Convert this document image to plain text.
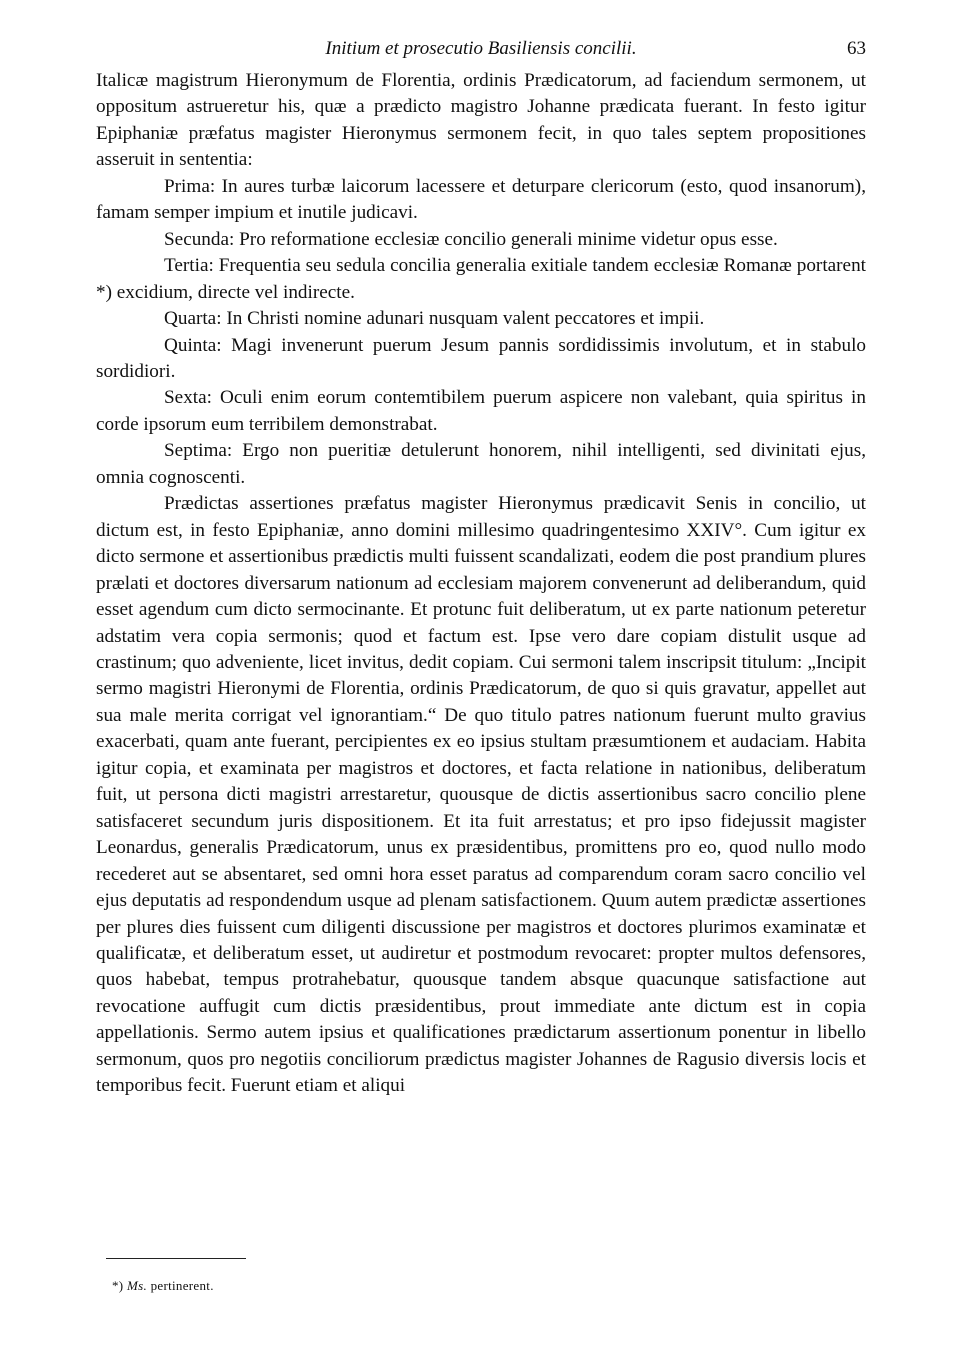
Initium et prosecutio Basiliensis concilii.	63

Italicæ magistrum Hieronymum de Florentia, ordinis Prædicatorum, ad faciendum sermonem, ut oppositum astrueretur his, quæ a prædicto magistro Johanne prædicata fuerant. In festo igitur Epiphaniæ præfatus magister Hieronymus sermonem fecit, in quo tales septem propositiones asseruit in sententia:

Prima: In aures turbæ laicorum lacessere et deturpare clericorum (esto, quod insanorum), famam semper impium et inutile judicavi.

Secunda: Pro reformatione ecclesiæ concilio generali minime videtur opus esse.

Tertia: Frequentia seu sedula concilia generalia exitiale tandem ecclesiæ Romanæ portarent *) excidium, directe vel indirecte.

Quarta: In Christi nomine adunari nusquam valent peccatores et impii.

Quinta: Magi invenerunt puerum Jesum pannis sordidissimis involutum, et in stabulo sordidiori.

Sexta: Oculi enim eorum contemtibilem puerum aspicere non valebant, quia spiritus in corde ipsorum eum terribilem demonstrabat.

Septima: Ergo non pueritiæ detulerunt honorem, nihil intelligenti, sed divinitati ejus, omnia cognoscenti.

Prædictas assertiones præfatus magister Hieronymus prædicavit Senis in concilio, ut dictum est, in festo Epiphaniæ, anno domini millesimo quadringentesimo XXIV°. Cum igitur ex dicto sermone et assertionibus prædictis multi fuissent scandalizati, eodem die post prandium plures prælati et doctores diversarum nationum ad ecclesiam majorem convenerunt ad deliberandum, quid esset agendum cum dicto sermocinante. Et protunc fuit deliberatum, ut ex parte nationum peteretur adstatim vera copia sermonis; quod et factum est. Ipse vero dare copiam distulit usque ad crastinum; quo adveniente, licet invitus, dedit copiam. Cui sermoni talem inscripsit titulum: „Incipit sermo magistri Hieronymi de Florentia, ordinis Prædicatorum, de quo si quis gravatur, appellet aut sua male merita corrigat vel ignorantiam.“ De quo titulo patres nationum fuerunt multo gravius exacerbati, quam ante fuerant, percipientes ex eo ipsius stultam præsumtionem et audaciam. Habita igitur copia, et examinata per magistros et doctores, et facta relatione in nationibus, deliberatum fuit, ut persona dicti magistri arrestaretur, quousque de dictis assertionibus sacro concilio plene satisfaceret secundum juris dispositionem. Et ita fuit arrestatus; et pro ipso fidejussit magister Leonardus, generalis Prædicatorum, unus ex præsidentibus, promittens pro eo, quod nullo modo recederet aut se absentaret, sed omni hora esset paratus ad comparendum coram sacro concilio vel ejus deputatis ad respondendum usque ad plenam satisfactionem. Quum autem prædictæ assertiones per plures dies fuissent cum diligenti discussione per magistros et doctores plurimos examinatæ et qualificatæ, et deliberatum esset, ut audiretur et postmodum revocaret: propter multos defensores, quos habebat, tempus protrahebatur, quousque tandem absque quacunque satisfactione aut revocatione auffugit cum dictis præsidentibus, prout immediate ante dictum est in copia appellationis. Sermo autem ipsius et qualificationes prædictarum assertionum ponentur in libello sermonum, quos pro negotiis conciliorum prædictus magister Johannes de Ragusio diversis locis et temporibus fecit. Fuerunt etiam et aliqui

*) Ms. pertinerent.
